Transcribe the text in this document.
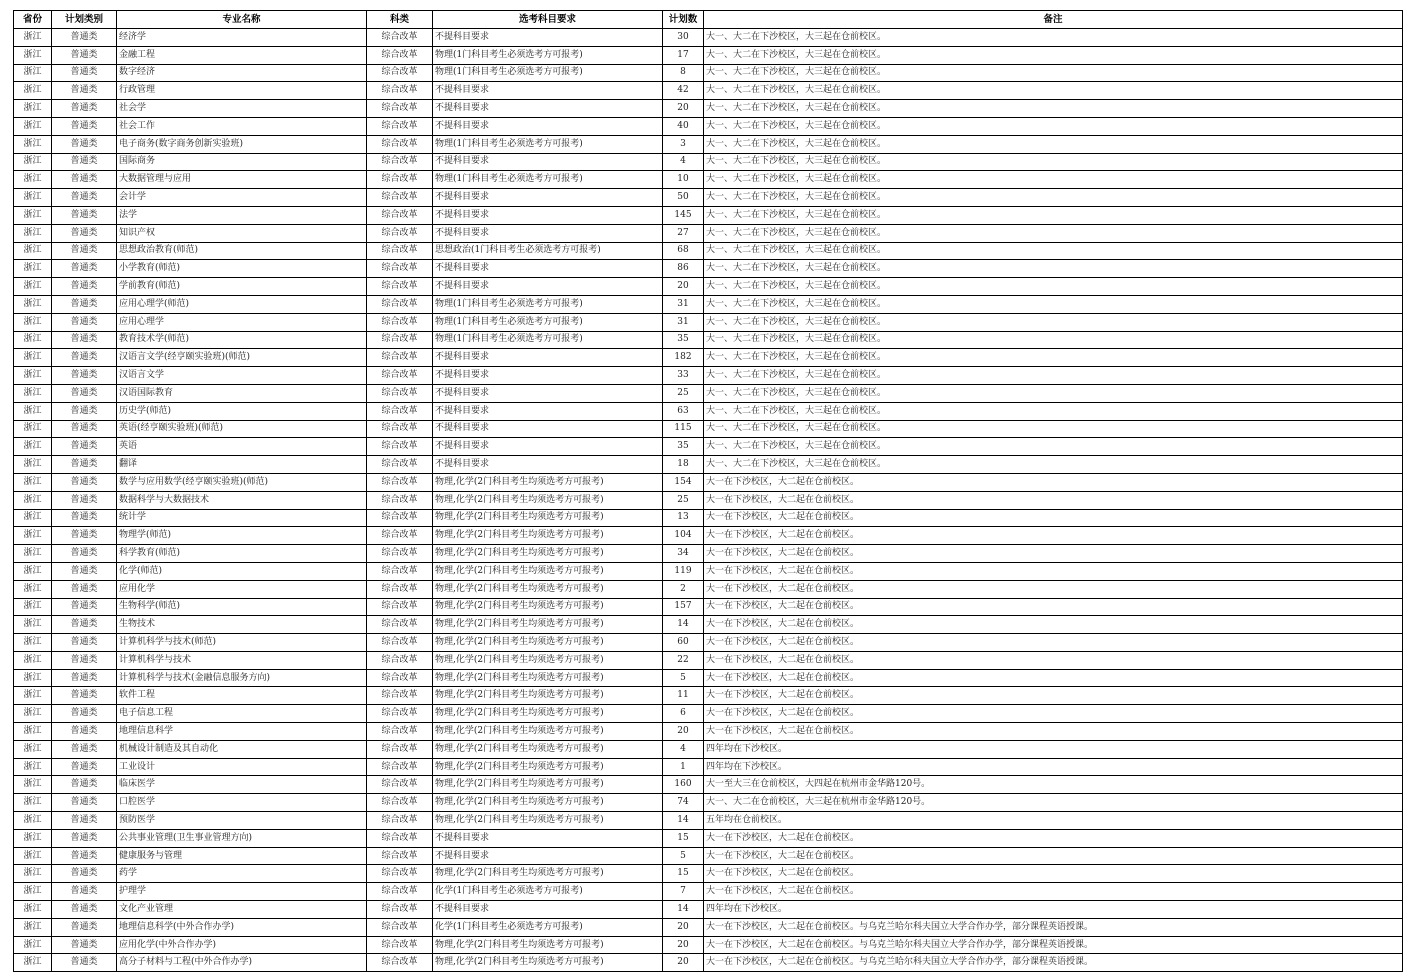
省份	计划类别	专业名称	科类	选考科目要求	计划数	备注
浙江	普通类	经济学	综合改革	不提科目要求	30	大一、大二在下沙校区，大三起在仓前校区。
浙江	普通类	金融工程	综合改革	物理(1门科目考生必须选考方可报考)	17	大一、大二在下沙校区，大三起在仓前校区。
浙江	普通类	数字经济	综合改革	物理(1门科目考生必须选考方可报考)	8	大一、大二在下沙校区，大三起在仓前校区。
浙江	普通类	行政管理	综合改革	不提科目要求	42	大一、大二在下沙校区，大三起在仓前校区。
浙江	普通类	社会学	综合改革	不提科目要求	20	大一、大二在下沙校区，大三起在仓前校区。
浙江	普通类	社会工作	综合改革	不提科目要求	40	大一、大二在下沙校区，大三起在仓前校区。
浙江	普通类	电子商务(数字商务创新实验班)	综合改革	物理(1门科目考生必须选考方可报考)	3	大一、大二在下沙校区，大三起在仓前校区。
浙江	普通类	国际商务	综合改革	不提科目要求	4	大一、大二在下沙校区，大三起在仓前校区。
浙江	普通类	大数据管理与应用	综合改革	物理(1门科目考生必须选考方可报考)	10	大一、大二在下沙校区，大三起在仓前校区。
浙江	普通类	会计学	综合改革	不提科目要求	50	大一、大二在下沙校区，大三起在仓前校区。
浙江	普通类	法学	综合改革	不提科目要求	145	大一、大二在下沙校区，大三起在仓前校区。
浙江	普通类	知识产权	综合改革	不提科目要求	27	大一、大二在下沙校区，大三起在仓前校区。
浙江	普通类	思想政治教育(师范)	综合改革	思想政治(1门科目考生必须选考方可报考)	68	大一、大二在下沙校区，大三起在仓前校区。
浙江	普通类	小学教育(师范)	综合改革	不提科目要求	86	大一、大二在下沙校区，大三起在仓前校区。
浙江	普通类	学前教育(师范)	综合改革	不提科目要求	20	大一、大二在下沙校区，大三起在仓前校区。
浙江	普通类	应用心理学(师范)	综合改革	物理(1门科目考生必须选考方可报考)	31	大一、大二在下沙校区，大三起在仓前校区。
浙江	普通类	应用心理学	综合改革	物理(1门科目考生必须选考方可报考)	31	大一、大二在下沙校区，大三起在仓前校区。
浙江	普通类	教育技术学(师范)	综合改革	物理(1门科目考生必须选考方可报考)	35	大一、大二在下沙校区，大三起在仓前校区。
浙江	普通类	汉语言文学(经亨颐实验班)(师范)	综合改革	不提科目要求	182	大一、大二在下沙校区，大三起在仓前校区。
浙江	普通类	汉语言文学	综合改革	不提科目要求	33	大一、大二在下沙校区，大三起在仓前校区。
浙江	普通类	汉语国际教育	综合改革	不提科目要求	25	大一、大二在下沙校区，大三起在仓前校区。
浙江	普通类	历史学(师范)	综合改革	不提科目要求	63	大一、大二在下沙校区，大三起在仓前校区。
浙江	普通类	英语(经亨颐实验班)(师范)	综合改革	不提科目要求	115	大一、大二在下沙校区，大三起在仓前校区。
浙江	普通类	英语	综合改革	不提科目要求	35	大一、大二在下沙校区，大三起在仓前校区。
浙江	普通类	翻译	综合改革	不提科目要求	18	大一、大二在下沙校区，大三起在仓前校区。
浙江	普通类	数学与应用数学(经亨颐实验班)(师范)	综合改革	物理,化学(2门科目考生均须选考方可报考)	154	大一在下沙校区，大二起在仓前校区。
浙江	普通类	数据科学与大数据技术	综合改革	物理,化学(2门科目考生均须选考方可报考)	25	大一在下沙校区，大二起在仓前校区。
浙江	普通类	统计学	综合改革	物理,化学(2门科目考生均须选考方可报考)	13	大一在下沙校区，大二起在仓前校区。
浙江	普通类	物理学(师范)	综合改革	物理,化学(2门科目考生均须选考方可报考)	104	大一在下沙校区，大二起在仓前校区。
浙江	普通类	科学教育(师范)	综合改革	物理,化学(2门科目考生均须选考方可报考)	34	大一在下沙校区，大二起在仓前校区。
浙江	普通类	化学(师范)	综合改革	物理,化学(2门科目考生均须选考方可报考)	119	大一在下沙校区，大二起在仓前校区。
浙江	普通类	应用化学	综合改革	物理,化学(2门科目考生均须选考方可报考)	2	大一在下沙校区，大二起在仓前校区。
浙江	普通类	生物科学(师范)	综合改革	物理,化学(2门科目考生均须选考方可报考)	157	大一在下沙校区，大二起在仓前校区。
浙江	普通类	生物技术	综合改革	物理,化学(2门科目考生均须选考方可报考)	14	大一在下沙校区，大二起在仓前校区。
浙江	普通类	计算机科学与技术(师范)	综合改革	物理,化学(2门科目考生均须选考方可报考)	60	大一在下沙校区，大二起在仓前校区。
浙江	普通类	计算机科学与技术	综合改革	物理,化学(2门科目考生均须选考方可报考)	22	大一在下沙校区，大二起在仓前校区。
浙江	普通类	计算机科学与技术(金融信息服务方向)	综合改革	物理,化学(2门科目考生均须选考方可报考)	5	大一在下沙校区，大二起在仓前校区。
浙江	普通类	软件工程	综合改革	物理,化学(2门科目考生均须选考方可报考)	11	大一在下沙校区，大二起在仓前校区。
浙江	普通类	电子信息工程	综合改革	物理,化学(2门科目考生均须选考方可报考)	6	大一在下沙校区，大二起在仓前校区。
浙江	普通类	地理信息科学	综合改革	物理,化学(2门科目考生均须选考方可报考)	20	大一在下沙校区，大二起在仓前校区。
浙江	普通类	机械设计制造及其自动化	综合改革	物理,化学(2门科目考生均须选考方可报考)	4	四年均在下沙校区。
浙江	普通类	工业设计	综合改革	物理,化学(2门科目考生均须选考方可报考)	1	四年均在下沙校区。
浙江	普通类	临床医学	综合改革	物理,化学(2门科目考生均须选考方可报考)	160	大一至大三在仓前校区，大四起在杭州市金华路120号。
浙江	普通类	口腔医学	综合改革	物理,化学(2门科目考生均须选考方可报考)	74	大一、大二在仓前校区，大三起在杭州市金华路120号。
浙江	普通类	预防医学	综合改革	物理,化学(2门科目考生均须选考方可报考)	14	五年均在仓前校区。
浙江	普通类	公共事业管理(卫生事业管理方向)	综合改革	不提科目要求	15	大一在下沙校区，大二起在仓前校区。
浙江	普通类	健康服务与管理	综合改革	不提科目要求	5	大一在下沙校区，大二起在仓前校区。
浙江	普通类	药学	综合改革	物理,化学(2门科目考生均须选考方可报考)	15	大一在下沙校区，大二起在仓前校区。
浙江	普通类	护理学	综合改革	化学(1门科目考生必须选考方可报考)	7	大一在下沙校区，大二起在仓前校区。
浙江	普通类	文化产业管理	综合改革	不提科目要求	14	四年均在下沙校区。
浙江	普通类	地理信息科学(中外合作办学)	综合改革	化学(1门科目考生必须选考方可报考)	20	大一在下沙校区，大二起在仓前校区。与乌克兰哈尔科夫国立大学合作办学，部分课程英语授课。
浙江	普通类	应用化学(中外合作办学)	综合改革	物理,化学(2门科目考生均须选考方可报考)	20	大一在下沙校区，大二起在仓前校区。与乌克兰哈尔科夫国立大学合作办学，部分课程英语授课。
浙江	普通类	高分子材料与工程(中外合作办学)	综合改革	物理,化学(2门科目考生均须选考方可报考)	20	大一在下沙校区，大二起在仓前校区。与乌克兰哈尔科夫国立大学合作办学，部分课程英语授课。
